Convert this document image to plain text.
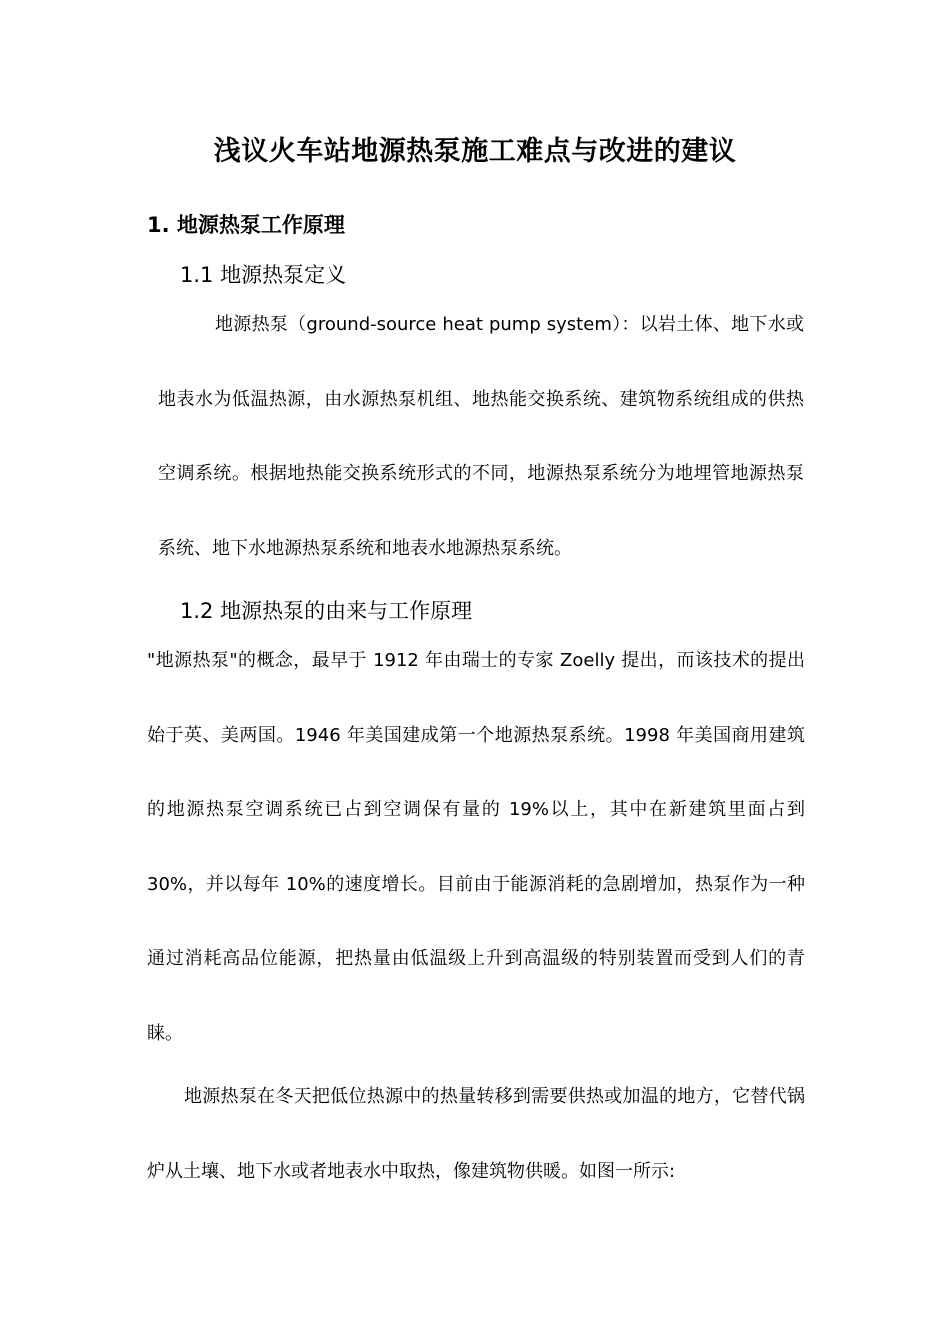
浅议火车站地源热泵施工难点与改进的建议
1. 地源热泵工作原理
1.1 地源热泵定义
地源热泵（ground-source heat pump system）：以岩土体、地下水或地表水为低温热源，由水源热泵机组、地热能交换系统、建筑物系统组成的供热空调系统。根据地热能交换系统形式的不同，地源热泵系统分为地埋管地源热泵系统、地下水地源热泵系统和地表水地源热泵系统。
1.2 地源热泵的由来与工作原理
"地源热泵"的概念，最早于 1912 年由瑞士的专家 Zoelly 提出，而该技术的提出始于英、美两国。1946 年美国建成第一个地源热泵系统。1998 年美国商用建筑的地源热泵空调系统已占到空调保有量的 19%以上，其中在新建筑里面占到 30%，并以每年 10%的速度增长。目前由于能源消耗的急剧增加，热泵作为一种通过消耗高品位能源，把热量由低温级上升到高温级的特别装置而受到人们的青睐。
地源热泵在冬天把低位热源中的热量转移到需要供热或加温的地方，它替代锅炉从土壤、地下水或者地表水中取热，像建筑物供暖。如图一所示:
